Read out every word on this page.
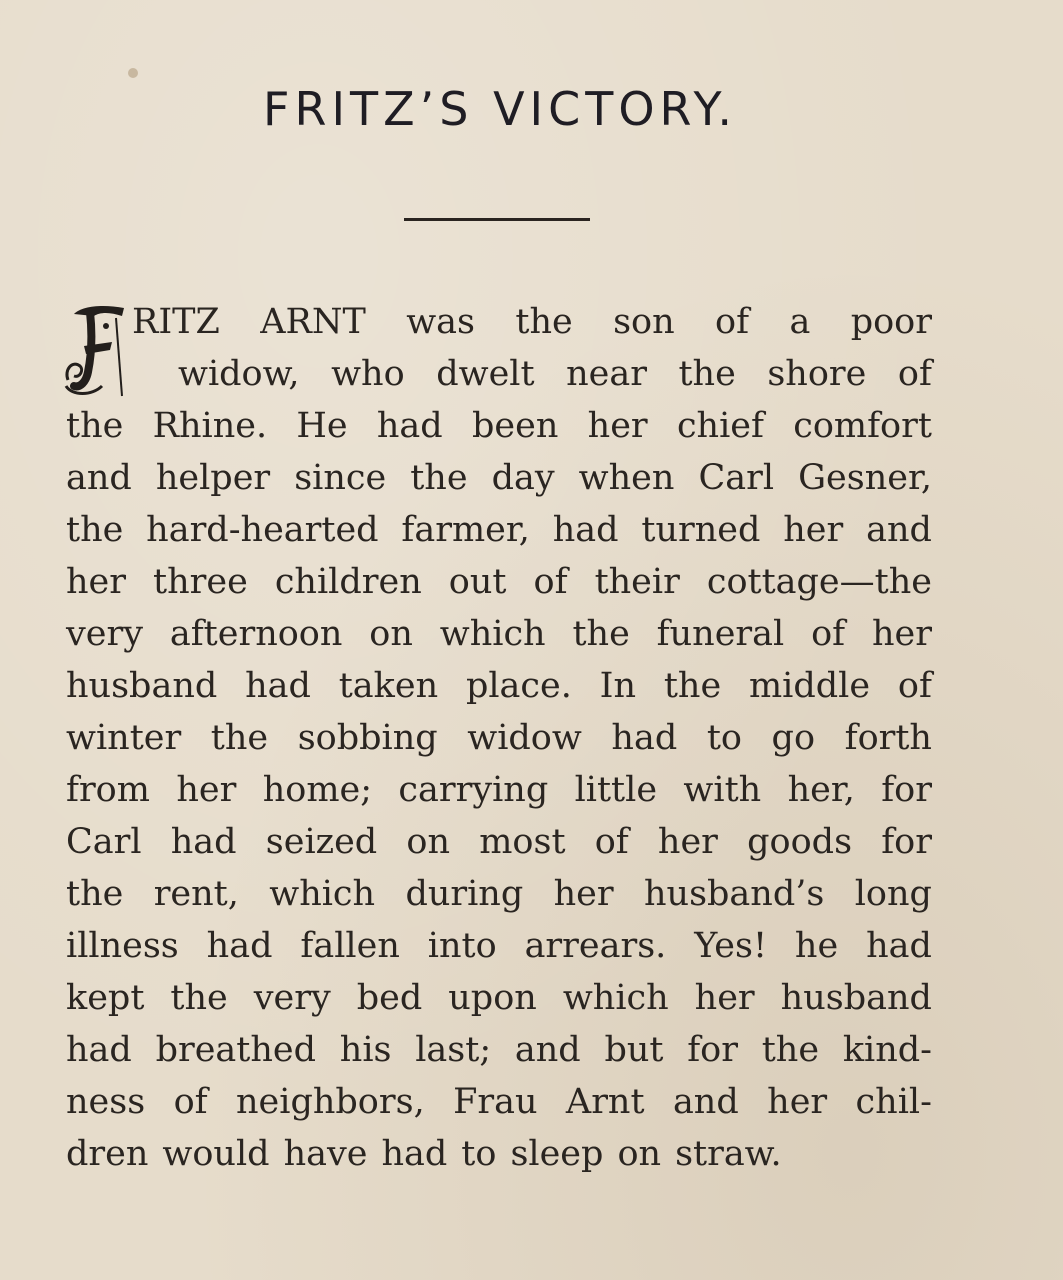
FRITZ’S VICTORY.
RITZ ARNT was the son of a poor
widow, who dwelt near the shore of
the Rhine. He had been her chief comfort
and helper since the day when Carl Gesner,
the hard-hearted farmer, had turned her and
her three children out of their cottage—the
very afternoon on which the funeral of her
husband had taken place. In the middle of
winter the sobbing widow had to go forth
from her home; carrying little with her, for
Carl had seized on most of her goods for
the rent, which during her husband’s long
illness had fallen into arrears. Yes! he had
kept the very bed upon which her husband
had breathed his last; and but for the kind-
ness of neighbors, Frau Arnt and her chil-
dren would have had to sleep on straw.
